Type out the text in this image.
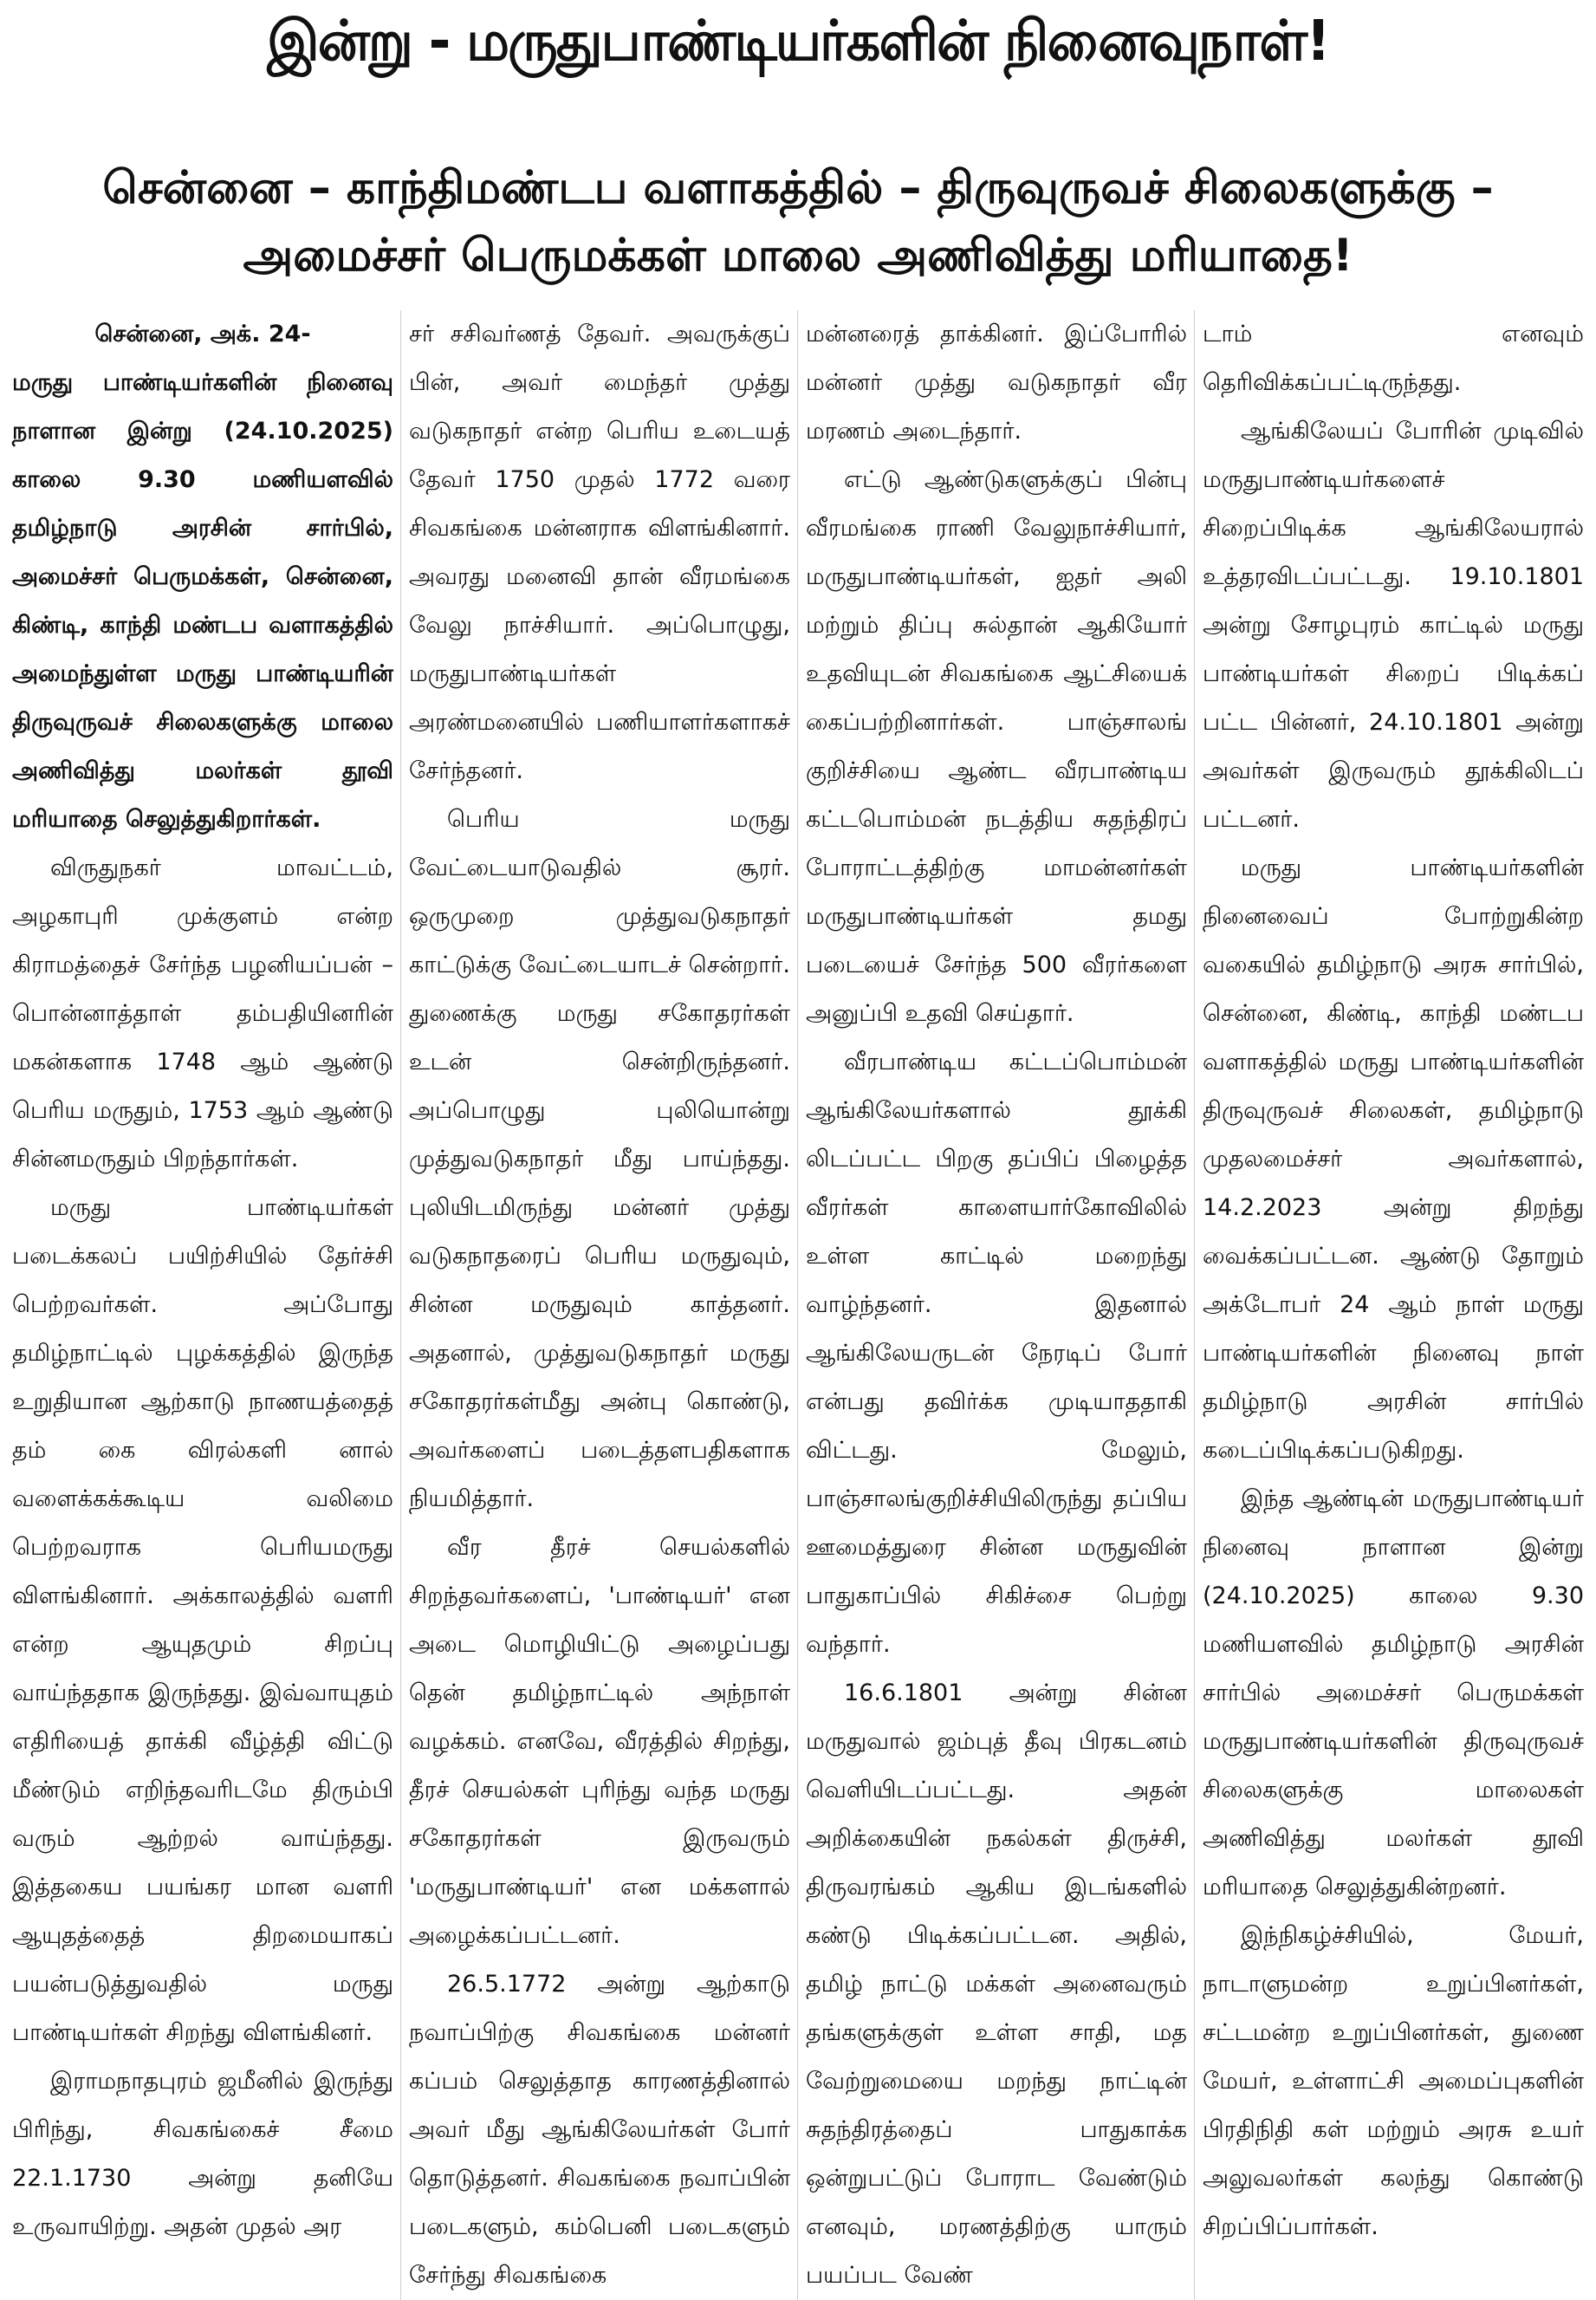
இன்று - மருதுபாண்டியர்களின் நினைவுநாள்!
சென்னை – காந்திமண்டப வளாகத்தில் – திருவுருவச் சிலைகளுக்கு –
அமைச்சர் பெருமக்கள் மாலை அணிவித்து மரியாதை!

சென்னை, அக். 24-

மருது பாண்டியர்களின் நினைவு நாளான இன்று (24.10.2025) காலை 9.30 மணியளவில் தமிழ்நாடு அரசின் சார்பில், அமைச்சர் பெருமக்கள், சென்னை, கிண்டி, காந்தி மண்டப வளாகத்தில் அமைந்துள்ள மருது பாண்டியரின் திருவுருவச் சிலைகளுக்கு மாலை அணிவித்து மலர்கள் தூவி மரியாதை செலுத்துகிறார்கள்.

விருதுநகர் மாவட்டம், அழகாபுரி முக்குளம் என்ற கிராமத்தைச் சேர்ந்த பழனியப்பன் – பொன்னாத்தாள் தம்பதியினரின் மகன்களாக 1748 ஆம் ஆண்டு பெரிய மருதும், 1753 ஆம் ஆண்டு சின்னமருதும் பிறந்தார்கள்.

மருது பாண்டியர்கள் படைக்கலப் பயிற்சியில் தேர்ச்சி பெற்றவர்கள். அப்போது தமிழ்நாட்டில் புழக்கத்தில் இருந்த உறுதியான ஆற்காடு நாணயத்தைத் தம் கை விரல்களி னால் வளைக்கக்கூடிய வலிமை பெற்றவராக பெரியமருது விளங்கினார். அக்காலத்தில் வளரி என்ற ஆயுதமும் சிறப்பு வாய்ந்ததாக இருந்தது. இவ்வாயுதம் எதிரியைத் தாக்கி வீழ்த்தி விட்டு மீண்டும் எறிந்தவரிடமே திரும்பி வரும் ஆற்றல் வாய்ந்தது. இத்தகைய பயங்கர மான வளரி ஆயுதத்தைத் திறமையாகப் பயன்படுத்துவதில் மருது பாண்டியர்கள் சிறந்து விளங்கினர்.

இராமநாதபுரம் ஜமீனில் இருந்து பிரிந்து, சிவகங்கைச் சீமை 22.1.1730 அன்று தனியே உருவாயிற்று. அதன் முதல் அர

சர் சசிவர்ணத் தேவர். அவருக்குப் பின், அவர் மைந்தர் முத்து வடுகநாதர் என்ற பெரிய உடையத் தேவர் 1750 முதல் 1772 வரை சிவகங்கை மன்னராக விளங்கினார். அவரது மனைவி தான் வீரமங்கை வேலு நாச்சியார். அப்பொழுது, மருதுபாண்டியர்கள் அரண்மனையில் பணியாளர்களாகச் சேர்ந்தனர்.

பெரிய மருது வேட்டையாடுவதில் சூரர். ஒருமுறை முத்துவடுகநாதர் காட்டுக்கு வேட்டையாடச் சென்றார். துணைக்கு மருது சகோதரர்கள் உடன் சென்றிருந்தனர். அப்பொழுது புலியொன்று முத்துவடுகநாதர் மீது பாய்ந்தது. புலியிடமிருந்து மன்னர் முத்து வடுகநாதரைப் பெரிய மருதுவும், சின்ன மருதுவும் காத்தனர். அதனால், முத்துவடுகநாதர் மருது சகோதரர்கள்மீது அன்பு கொண்டு, அவர்களைப் படைத்தளபதிகளாக நியமித்தார்.

வீர தீரச் செயல்களில் சிறந்தவர்களைப், 'பாண்டியர்' என அடை மொழியிட்டு அழைப்பது தென் தமிழ்நாட்டில் அந்நாள் வழக்கம். எனவே, வீரத்தில் சிறந்து, தீரச் செயல்கள் புரிந்து வந்த மருது சகோதரர்கள் இருவரும் 'மருதுபாண்டியர்' என மக்களால் அழைக்கப்பட்டனர்.

26.5.1772 அன்று ஆற்காடு நவாப்பிற்கு சிவகங்கை மன்னர் கப்பம் செலுத்தாத காரணத்தினால் அவர் மீது ஆங்கிலேயர்கள் போர் தொடுத்தனர். சிவகங்கை நவாப்பின் படைகளும், கம்பெனி படைகளும் சேர்ந்து சிவகங்கை

மன்னரைத் தாக்கினர். இப்போரில் மன்னர் முத்து வடுகநாதர் வீர மரணம் அடைந்தார்.

எட்டு ஆண்டுகளுக்குப் பின்பு வீரமங்கை ராணி வேலுநாச்சியார், மருதுபாண்டியர்கள், ஐதர் அலி மற்றும் திப்பு சுல்தான் ஆகியோர் உதவியுடன் சிவகங்கை ஆட்சியைக் கைப்பற்றினார்கள். பாஞ்சாலங் குறிச்சியை ஆண்ட வீரபாண்டிய கட்டபொம்மன் நடத்திய சுதந்திரப் போராட்டத்திற்கு மாமன்னர்கள் மருதுபாண்டியர்கள் தமது படையைச் சேர்ந்த 500 வீரர்களை அனுப்பி உதவி செய்தார்.

வீரபாண்டிய கட்டப்பொம்மன் ஆங்கிலேயர்களால் தூக்கி லிடப்பட்ட பிறகு தப்பிப் பிழைத்த வீரர்கள் காளையார்கோவிலில் உள்ள காட்டில் மறைந்து வாழ்ந்தனர். இதனால் ஆங்கிலேயருடன் நேரடிப் போர் என்பது தவிர்க்க முடியாததாகி விட்டது. மேலும், பாஞ்சாலங்குறிச்சியிலிருந்து தப்பிய ஊமைத்துரை சின்ன மருதுவின் பாதுகாப்பில் சிகிச்சை பெற்று வந்தார்.

16.6.1801 அன்று சின்ன மருதுவால் ஜம்புத் தீவு பிரகடனம் வெளியிடப்பட்டது. அதன் அறிக்கையின் நகல்கள் திருச்சி, திருவரங்கம் ஆகிய இடங்களில் கண்டு பிடிக்கப்பட்டன. அதில், தமிழ் நாட்டு மக்கள் அனைவரும் தங்களுக்குள் உள்ள சாதி, மத வேற்றுமையை மறந்து நாட்டின் சுதந்திரத்தைப் பாதுகாக்க ஒன்றுபட்டுப் போராட வேண்டும் எனவும், மரணத்திற்கு யாரும் பயப்பட வேண்

டாம் எனவும் தெரிவிக்கப்பட்டிருந்தது.

ஆங்கிலேயப் போரின் முடிவில் மருதுபாண்டியர்களைச் சிறைப்பிடிக்க ஆங்கிலேயரால் உத்தரவிடப்பட்டது. 19.10.1801 அன்று சோழபுரம் காட்டில் மருது பாண்டியர்கள் சிறைப் பிடிக்கப் பட்ட பின்னர், 24.10.1801 அன்று அவர்கள் இருவரும் தூக்கிலிடப் பட்டனர்.

மருது பாண்டியர்களின் நினைவைப் போற்றுகின்ற வகையில் தமிழ்நாடு அரசு சார்பில், சென்னை, கிண்டி, காந்தி மண்டப வளாகத்தில் மருது பாண்டியர்களின் திருவுருவச் சிலைகள், தமிழ்நாடு முதலமைச்சர் அவர்களால், 14.2.2023 அன்று திறந்து வைக்கப்பட்டன. ஆண்டு தோறும் அக்டோபர் 24 ஆம் நாள் மருது பாண்டியர்களின் நினைவு நாள் தமிழ்நாடு அரசின் சார்பில் கடைப்பிடிக்கப்படுகிறது.

இந்த ஆண்டின் மருதுபாண்டியர் நினைவு நாளான இன்று (24.10.2025) காலை 9.30 மணியளவில் தமிழ்நாடு அரசின் சார்பில் அமைச்சர் பெருமக்கள் மருதுபாண்டியர்களின் திருவுருவச் சிலைகளுக்கு மாலைகள் அணிவித்து மலர்கள் தூவி மரியாதை செலுத்துகின்றனர்.

இந்நிகழ்ச்சியில், மேயர், நாடாளுமன்ற உறுப்பினர்கள், சட்டமன்ற உறுப்பினர்கள், துணை மேயர், உள்ளாட்சி அமைப்புகளின் பிரதிநிதி கள் மற்றும் அரசு உயர் அலுவலர்கள் கலந்து கொண்டு சிறப்பிப்பார்கள்.
